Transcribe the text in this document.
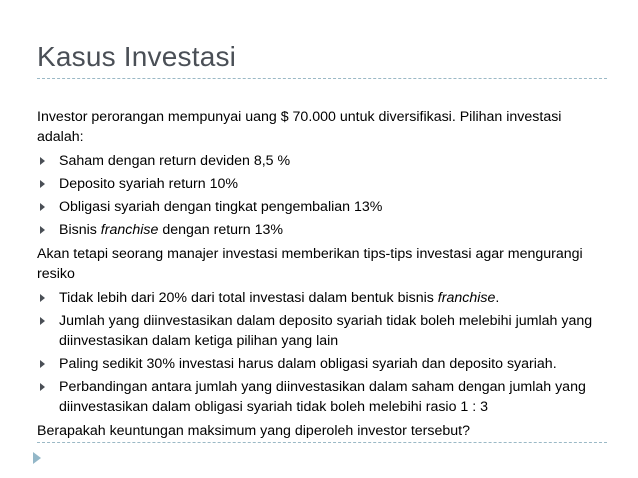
Kasus Investasi

Investor perorangan mempunyai uang $ 70.000 untuk diversifikasi. Pilihan investasi adalah:

Saham dengan return deviden 8,5 %
Deposito syariah return 10%
Obligasi syariah dengan tingkat pengembalian 13%
Bisnis franchise dengan return 13%

Akan tetapi seorang manajer investasi memberikan tips-tips investasi agar mengurangi resiko

Tidak lebih dari 20% dari total investasi dalam bentuk bisnis franchise.
Jumlah yang diinvestasikan dalam deposito syariah tidak boleh melebihi jumlah yang diinvestasikan dalam ketiga pilihan yang lain
Paling sedikit 30% investasi harus dalam obligasi syariah dan deposito syariah.
Perbandingan antara jumlah yang diinvestasikan dalam saham dengan jumlah yang diinvestasikan dalam obligasi syariah tidak boleh melebihi rasio 1 : 3

Berapakah keuntungan maksimum yang diperoleh investor tersebut?
